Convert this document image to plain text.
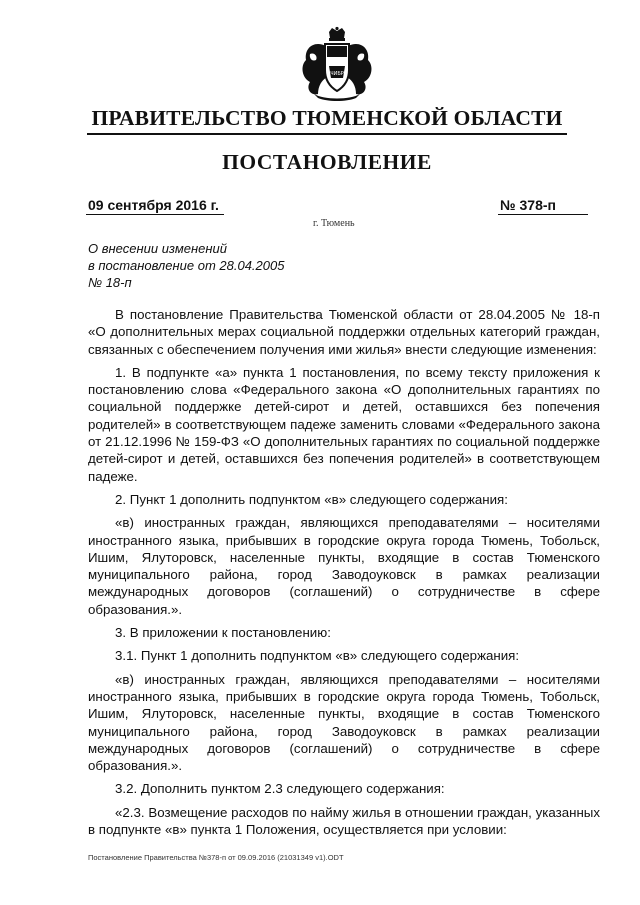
ЧИБР
ПРАВИТЕЛЬСТВО ТЮМЕНСКОЙ ОБЛАСТИ
ПОСТАНОВЛЕНИЕ
09 сентября 2016 г.	№ 378-п
г. Тюмень
О внесении изменений
в постановление от 28.04.2005
№ 18-п

В постановление Правительства Тюменской области от 28.04.2005 № 18-п «О дополнительных мерах социальной поддержки отдельных категорий граждан, связанных с обеспечением получения ими жилья» внести следующие изменения:

1. В подпункте «а» пункта 1 постановления, по всему тексту приложения к постановлению слова «Федерального закона «О дополнительных гарантиях по социальной поддержке детей-сирот и детей, оставшихся без попечения родителей» в соответствующем падеже заменить словами «Федерального закона от 21.12.1996 № 159-ФЗ «О дополнительных гарантиях по социальной поддержке детей-сирот и детей, оставшихся без попечения родителей» в соответствующем падеже.

2. Пункт 1 дополнить подпунктом «в» следующего содержания:

«в) иностранных граждан, являющихся преподавателями – носителями иностранного языка, прибывших в городские округа города Тюмень, Тобольск, Ишим, Ялуторовск, населенные пункты, входящие в состав Тюменского муниципального района, город Заводоуковск в рамках реализации международных договоров (соглашений) о сотрудничестве в сфере образования.».

3. В приложении к постановлению:

3.1. Пункт 1 дополнить подпунктом «в» следующего содержания:

«в) иностранных граждан, являющихся преподавателями – носителями иностранного языка, прибывших в городские округа города Тюмень, Тобольск, Ишим, Ялуторовск, населенные пункты, входящие в состав Тюменского муниципального района, город Заводоуковск в рамках реализации международных договоров (соглашений) о сотрудничестве в сфере образования.».

3.2. Дополнить пунктом 2.3 следующего содержания:

«2.3. Возмещение расходов по найму жилья в отношении граждан, указанных в подпункте «в» пункта 1 Положения, осуществляется при условии:

Постановление Правительства №378-п от 09.09.2016 (21031349 v1).ODT
